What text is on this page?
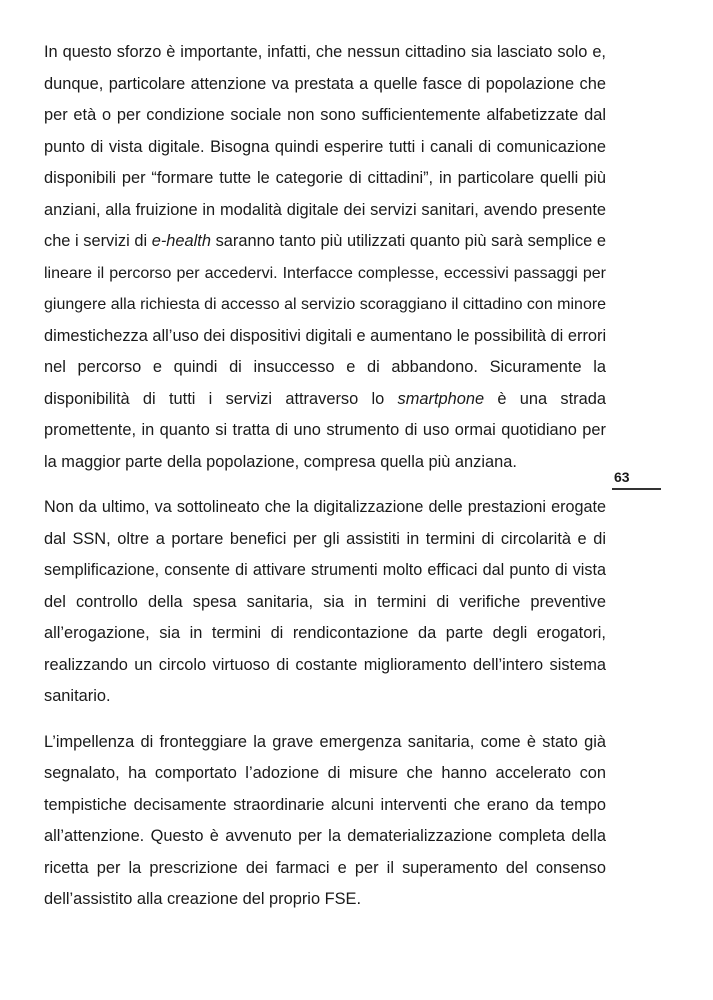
In questo sforzo è importante, infatti, che nessun cittadino sia lasciato solo e,
dunque, particolare attenzione va prestata a quelle fasce di popolazione che
per età o per condizione sociale non sono sufficientemente alfabetizzate dal
punto di vista digitale. Bisogna quindi esperire tutti i canali di comunicazione
disponibili per “formare tutte le categorie di cittadini”, in particolare quelli più
anziani, alla fruizione in modalità digitale dei servizi sanitari, avendo presente
che i servizi di e-health saranno tanto più utilizzati quanto più sarà semplice e
lineare il percorso per accedervi. Interfacce complesse, eccessivi passaggi per
giungere alla richiesta di accesso al servizio scoraggiano il cittadino con minore
dimestichezza all’uso dei dispositivi digitali e aumentano le possibilità di errori
nel percorso e quindi di insuccesso e di abbandono. Sicuramente la
disponibilità di tutti i servizi attraverso lo smartphone è una strada
promettente, in quanto si tratta di uno strumento di uso ormai quotidiano per
la maggior parte della popolazione, compresa quella più anziana.

Non da ultimo, va sottolineato che la digitalizzazione delle prestazioni erogate
dal SSN, oltre a portare benefici per gli assistiti in termini di circolarità e di
semplificazione, consente di attivare strumenti molto efficaci dal punto di vista
del controllo della spesa sanitaria, sia in termini di verifiche preventive
all’erogazione, sia in termini di rendicontazione da parte degli erogatori,
realizzando un circolo virtuoso di costante miglioramento dell’intero sistema
sanitario.

L’impellenza di fronteggiare la grave emergenza sanitaria, come è stato già
segnalato, ha comportato l’adozione di misure che hanno accelerato con
tempistiche decisamente straordinarie alcuni interventi che erano da tempo
all’attenzione. Questo è avvenuto per la dematerializzazione completa della
ricetta per la prescrizione dei farmaci e per il superamento del consenso
dell’assistito alla creazione del proprio FSE.

63
